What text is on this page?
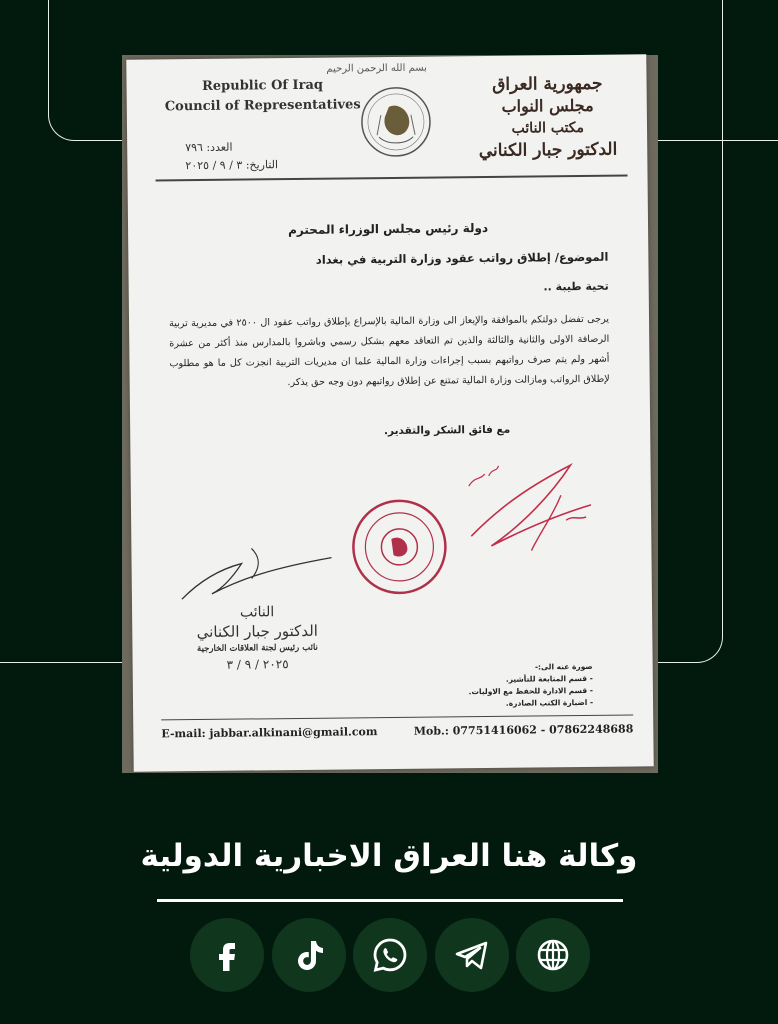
Republic Of Iraq
Council of Representatives
بسم الله الرحمن الرحيم
جمهورية العراق
مجلس النواب
مكتب النائب
الدكتور جبار الكناني
العدد: ٧٩٦
التاريخ: ٣ / ٩ / ٢٠٢٥
دولة رئيس مجلس الوزراء المحترم
الموضوع/ إطلاق رواتب عقود وزارة التربية في بغداد
تحية طيبة ..
يرجى تفضل دولتكم بالموافقة والإيعاز الى وزارة المالية بالإسراع بإطلاق رواتب عقود ال ٢٥٠٠ في مديرية تربية الرصافة الاولى والثانية والثالثة والذين تم التعاقد معهم بشكل رسمي وباشروا بالمدارس منذ أكثر من عشرة أشهر ولم يتم صرف رواتبهم بسبب إجراءات وزارة المالية علما ان مديريات التربية انجزت كل ما هو مطلوب لإطلاق الرواتب ومازالت وزارة المالية تمتنع عن إطلاق رواتبهم دون وجه حق يذكر.
مع فائق الشكر والتقدير.
النائب
الدكتور جبار الكناني
نائب رئيس لجنة العلاقات الخارجية
٢٠٢٥ / ٩ / ٣	صورة عنه الى:-
- قسم المتابعة للتأشير.
- قسم الادارة للحفظ مع الاوليات.
- اضبارة الكتب الصادرة.
E-mail: jabbar.alkinani@gmail.com	Mob.: 07751416062 - 07862248688
وكالة هنا العراق الاخبارية الدولية
